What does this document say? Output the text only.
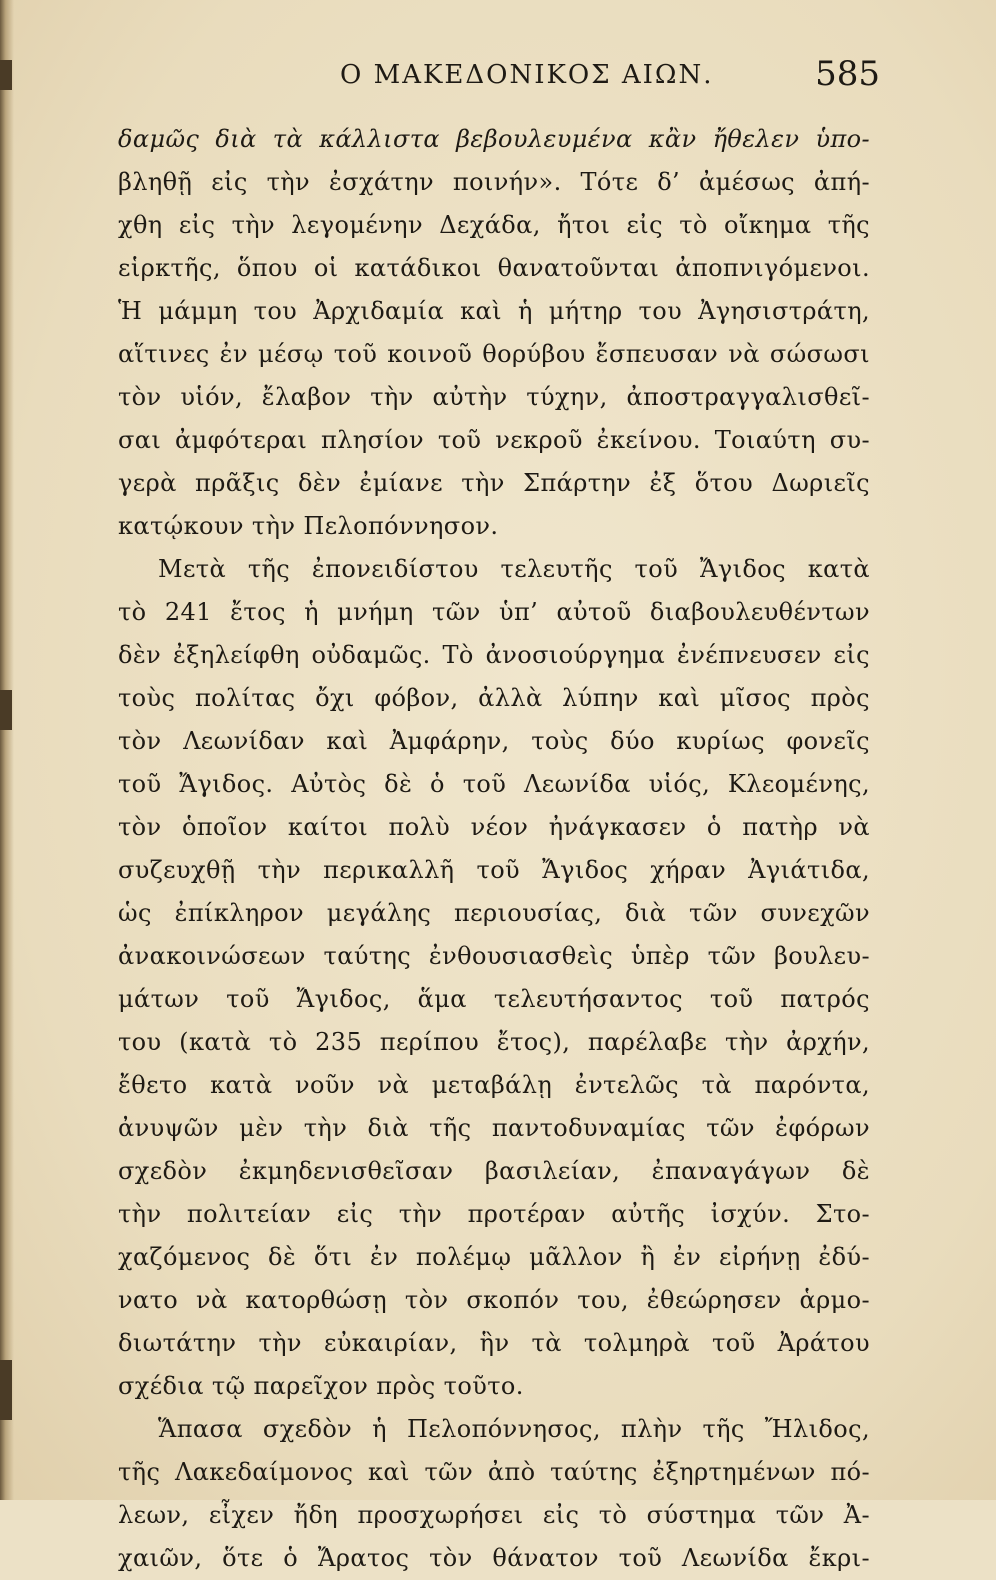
Ο ΜΑΚΕΔΟΝΙΚΟΣ ΑΙΩΝ.	585
δαμῶς διὰ τὰ κάλλιστα βεβουλευμένα κἂν ἤθελεν ὑπο-
βληθῇ εἰς τὴν ἐσχάτην ποινήν». Τότε δ’ ἀμέσως ἀπή-
χθη εἰς τὴν λεγομένην Δεχάδα, ἤτοι εἰς τὸ οἴκημα τῆς
εἱρκτῆς, ὅπου οἱ κατάδικοι θανατοῦνται ἀποπνιγόμενοι.
Ἡ μάμμη του Ἀρχιδαμία καὶ ἡ μήτηρ του Ἀγησιστράτη,
αἵτινες ἐν μέσῳ τοῦ κοινοῦ θορύβου ἔσπευσαν νὰ σώσωσι
τὸν υἱόν, ἔλαβον τὴν αὐτὴν τύχην, ἀποστραγγαλισθεῖ-
σαι ἀμφότεραι πλησίον τοῦ νεκροῦ ἐκείνου. Τοιαύτη συ-
γερὰ πρᾶξις δὲν ἐμίανε τὴν Σπάρτην ἐξ ὅτου Δωριεῖς
κατῴκουν τὴν Πελοπόννησον.
Μετὰ τῆς ἐπονειδίστου τελευτῆς τοῦ Ἄγιδος κατὰ
τὸ 241 ἔτος ἡ μνήμη τῶν ὑπ’ αὐτοῦ διαβουλευθέντων
δὲν ἐξηλείφθη οὐδαμῶς. Τὸ ἀνοσιούργημα ἐνέπνευσεν εἰς
τοὺς πολίτας ὄχι φόβον, ἀλλὰ λύπην καὶ μῖσος πρὸς
τὸν Λεωνίδαν καὶ Ἀμφάρην, τοὺς δύο κυρίως φονεῖς
τοῦ Ἄγιδος. Αὐτὸς δὲ ὁ τοῦ Λεωνίδα υἱός, Κλεομένης,
τὸν ὁποῖον καίτοι πολὺ νέον ἠνάγκασεν ὁ πατὴρ νὰ
συζευχθῇ τὴν περικαλλῆ τοῦ Ἄγιδος χήραν Ἀγιάτιδα,
ὡς ἐπίκληρον μεγάλης περιουσίας, διὰ τῶν συνεχῶν
ἀνακοινώσεων ταύτης ἐνθουσιασθεὶς ὑπὲρ τῶν βουλευ-
μάτων τοῦ Ἄγιδος, ἅμα τελευτήσαντος τοῦ πατρός
του (κατὰ τὸ 235 περίπου ἔτος), παρέλαβε τὴν ἀρχήν,
ἔθετο κατὰ νοῦν νὰ μεταβάλῃ ἐντελῶς τὰ παρόντα,
ἀνυψῶν μὲν τὴν διὰ τῆς παντοδυναμίας τῶν ἐφόρων
σχεδὸν ἐκμηδενισθεῖσαν βασιλείαν, ἐπαναγάγων δὲ
τὴν πολιτείαν εἰς τὴν προτέραν αὐτῆς ἰσχύν. Στο-
χαζόμενος δὲ ὅτι ἐν πολέμῳ μᾶλλον ἢ ἐν εἰρήνῃ ἐδύ-
νατο νὰ κατορθώσῃ τὸν σκοπόν του, ἐθεώρησεν ἁρμο-
διωτάτην τὴν εὐκαιρίαν, ἣν τὰ τολμηρὰ τοῦ Ἀράτου
σχέδια τῷ παρεῖχον πρὸς τοῦτο.
Ἅπασα σχεδὸν ἡ Πελοπόννησος, πλὴν τῆς Ἤλιδος,
τῆς Λακεδαίμονος καὶ τῶν ἀπὸ ταύτης ἐξηρτημένων πό-
λεων, εἶχεν ἤδη προσχωρήσει εἰς τὸ σύστημα τῶν Ἀ-
χαιῶν, ὅτε ὁ Ἄρατος τὸν θάνατον τοῦ Λεωνίδα ἔκρι-
